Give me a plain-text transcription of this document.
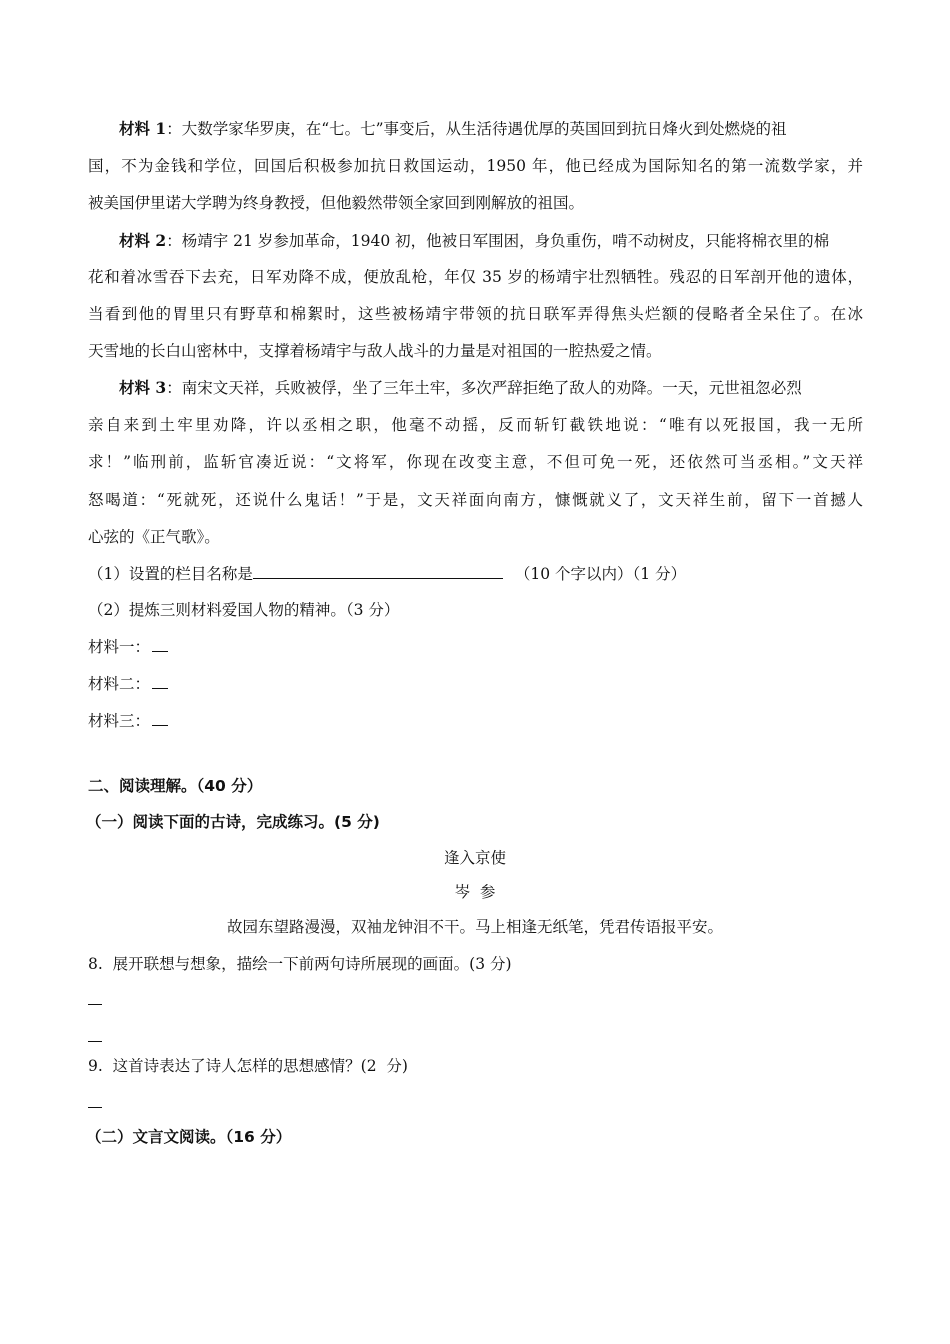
材料 1：大数学家华罗庚，在“七。七”事变后，从生活待遇优厚的英国回到抗日烽火到处燃烧的祖
国，不为金钱和学位，回国后积极参加抗日救国运动，1950 年，他已经成为国际知名的第一流数学家，并
被美国伊里诺大学聘为终身教授，但他毅然带领全家回到刚解放的祖国。
材料 2：杨靖宇 21 岁参加革命，1940 初，他被日军围困，身负重伤，啃不动树皮，只能将棉衣里的棉
花和着冰雪吞下去充，日军劝降不成，便放乱枪，年仅 35 岁的杨靖宇壮烈牺牲。残忍的日军剖开他的遗体，
当看到他的胃里只有野草和棉絮时，这些被杨靖宇带领的抗日联军弄得焦头烂额的侵略者全呆住了。在冰
天雪地的长白山密林中，支撑着杨靖宇与敌人战斗的力量是对祖国的一腔热爱之情。
材料 3：南宋文天祥，兵败被俘，坐了三年土牢，多次严辞拒绝了敌人的劝降。一天，元世祖忽必烈
亲自来到土牢里劝降，许以丞相之职，他毫不动摇，反而斩钉截铁地说：“唯有以死报国，我一无所
求！”临刑前，监斩官凑近说：“文将军，你现在改变主意，不但可免一死，还依然可当丞相。”文天祥
怒喝道：“死就死，还说什么鬼话！”于是，文天祥面向南方，慷慨就义了，文天祥生前，留下一首撼人
心弦的《正气歌》。
（1）设置的栏目名称是	（10 个字以内）（1 分）
（2）提炼三则材料爱国人物的精神。（3 分）
材料一：
材料二：
材料三：
二、阅读理解。（40 分）
（一）阅读下面的古诗，完成练习。(5 分)
逢入京使
岑  参
故园东望路漫漫，双袖龙钟泪不干。马上相逢无纸笔，凭君传语报平安。
8.  展开联想与想象，描绘一下前两句诗所展现的画面。(3 分)
9.  这首诗表达了诗人怎样的思想感情？(2  分)
（二）文言文阅读。（16 分）
